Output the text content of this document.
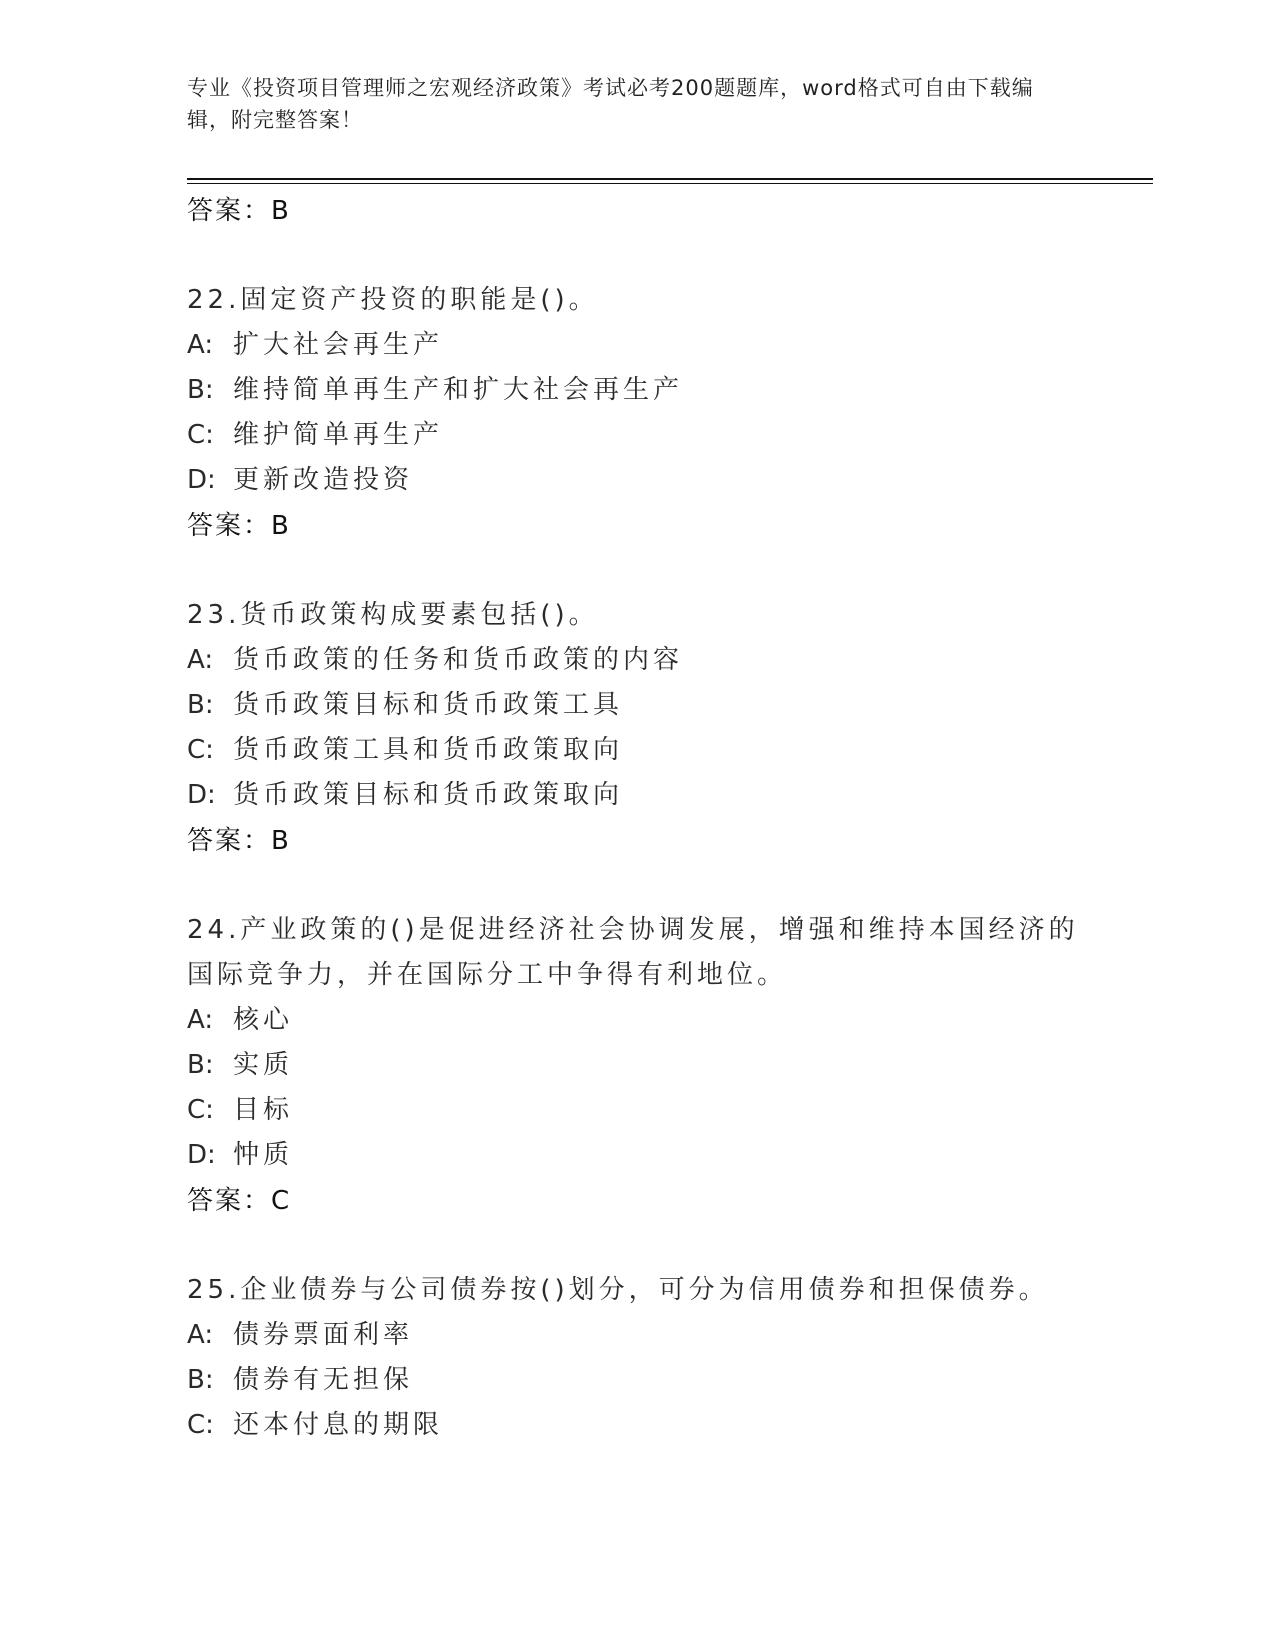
专业《投资项目管理师之宏观经济政策》考试必考200题题库，word格式可自由下载编辑，附完整答案！
答案：B
22.固定资产投资的职能是()。
A: 扩大社会再生产
B: 维持简单再生产和扩大社会再生产
C: 维护简单再生产
D: 更新改造投资
答案：B
23.货币政策构成要素包括()。
A: 货币政策的任务和货币政策的内容
B: 货币政策目标和货币政策工具
C: 货币政策工具和货币政策取向
D: 货币政策目标和货币政策取向
答案：B
24.产业政策的()是促进经济社会协调发展，增强和维持本国经济的国际竞争力，并在国际分工中争得有利地位。
A: 核心
B: 实质
C: 目标
D: 忡质
答案：C
25.企业债券与公司债券按()划分，可分为信用债券和担保债券。
A: 债券票面利率
B: 债券有无担保
C: 还本付息的期限
